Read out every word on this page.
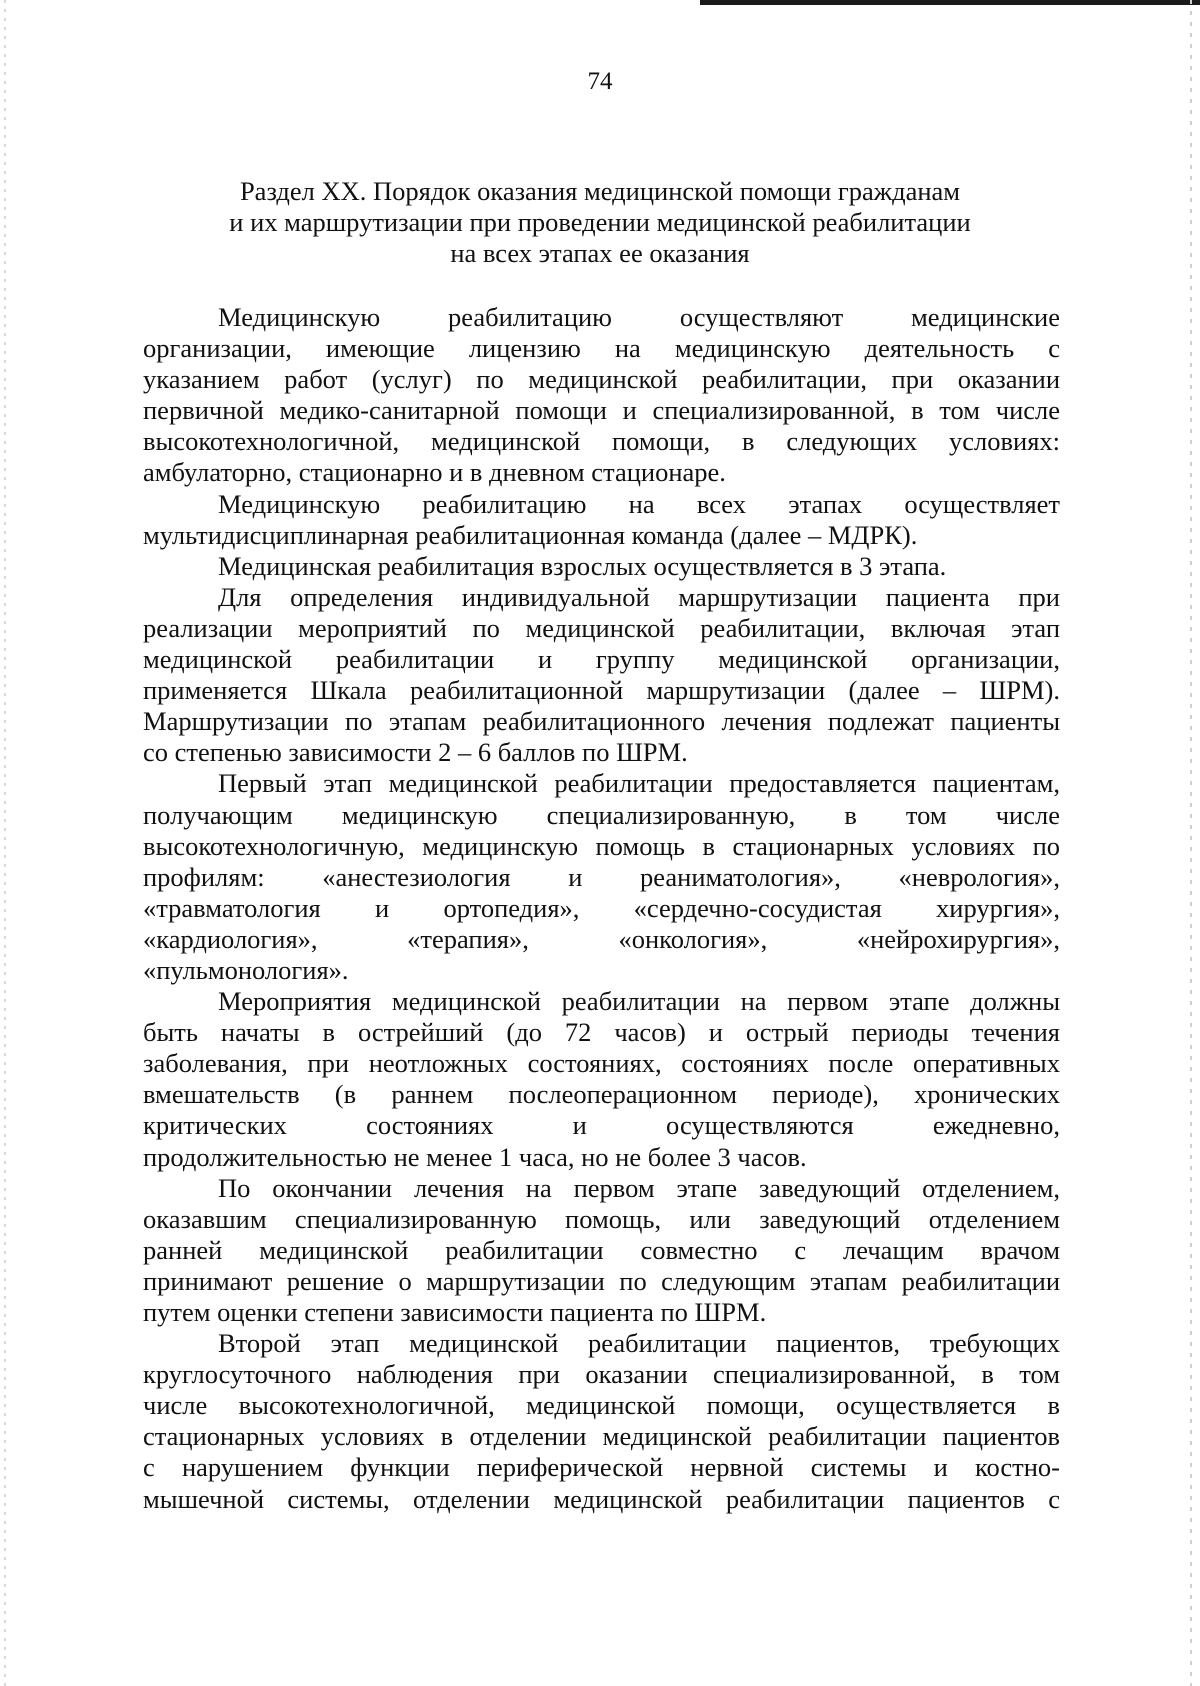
74
Раздел XX. Порядок оказания медицинской помощи гражданам
и их маршрутизации при проведении медицинской реабилитации
на всех этапах ее оказания
Медицинскую реабилитацию осуществляют медицинские
организации, имеющие лицензию на медицинскую деятельность с
указанием работ (услуг) по медицинской реабилитации, при оказании
первичной медико-санитарной помощи и специализированной, в том числе
высокотехнологичной, медицинской помощи, в следующих условиях:
амбулаторно, стационарно и в дневном стационаре.
Медицинскую реабилитацию на всех этапах осуществляет
мультидисциплинарная реабилитационная команда (далее – МДРК).
Медицинская реабилитация взрослых осуществляется в 3 этапа.
Для определения индивидуальной маршрутизации пациента при
реализации мероприятий по медицинской реабилитации, включая этап
медицинской реабилитации и группу медицинской организации,
применяется Шкала реабилитационной маршрутизации (далее – ШРМ).
Маршрутизации по этапам реабилитационного лечения подлежат пациенты
со степенью зависимости 2 – 6 баллов по ШРМ.
Первый этап медицинской реабилитации предоставляется пациентам,
получающим медицинскую специализированную, в том числе
высокотехнологичную, медицинскую помощь в стационарных условиях по
профилям: «анестезиология и реаниматология», «неврология»,
«травматология и ортопедия», «сердечно-сосудистая хирургия»,
«кардиология», «терапия», «онкология», «нейрохирургия»,
«пульмонология».
Мероприятия медицинской реабилитации на первом этапе должны
быть начаты в острейший (до 72 часов) и острый периоды течения
заболевания, при неотложных состояниях, состояниях после оперативных
вмешательств (в раннем послеоперационном периоде), хронических
критических состояниях и осуществляются ежедневно,
продолжительностью не менее 1 часа, но не более 3 часов.
По окончании лечения на первом этапе заведующий отделением,
оказавшим специализированную помощь, или заведующий отделением
ранней медицинской реабилитации совместно с лечащим врачом
принимают решение о маршрутизации по следующим этапам реабилитации
путем оценки степени зависимости пациента по ШРМ.
Второй этап медицинской реабилитации пациентов, требующих
круглосуточного наблюдения при оказании специализированной, в том
числе высокотехнологичной, медицинской помощи, осуществляется в
стационарных условиях в отделении медицинской реабилитации пациентов
с нарушением функции периферической нервной системы и костно-
мышечной системы, отделении медицинской реабилитации пациентов с
